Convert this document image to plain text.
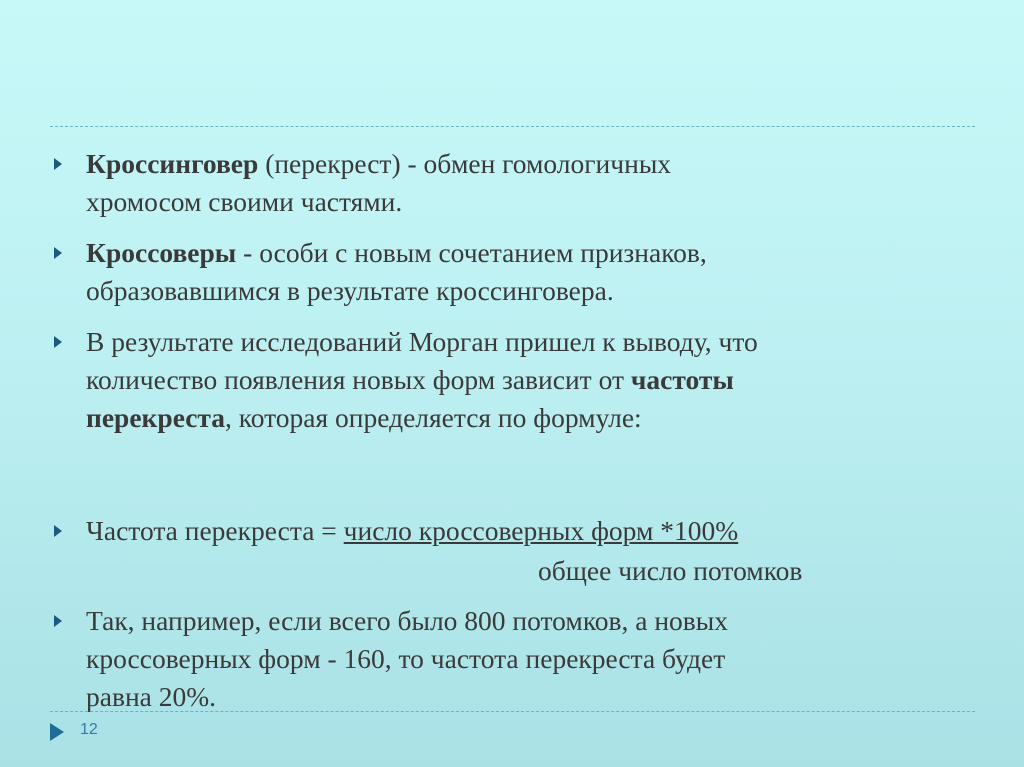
Кроссинговер (перекрест) - обмен гомологичных
хромосом своими частями.
Кроссоверы - особи с новым сочетанием признаков,
образовавшимся в результате кроссинговера.
В результате исследований Морган пришел к выводу, что
количество появления новых форм зависит от частоты
перекреста, которая определяется по формуле:
Частота перекреста = число кроссоверных форм *100%
общее число потомков
Так, например, если всего было 800 потомков, а новых
кроссоверных форм - 160, то частота перекреста будет
равна 20%.
12
